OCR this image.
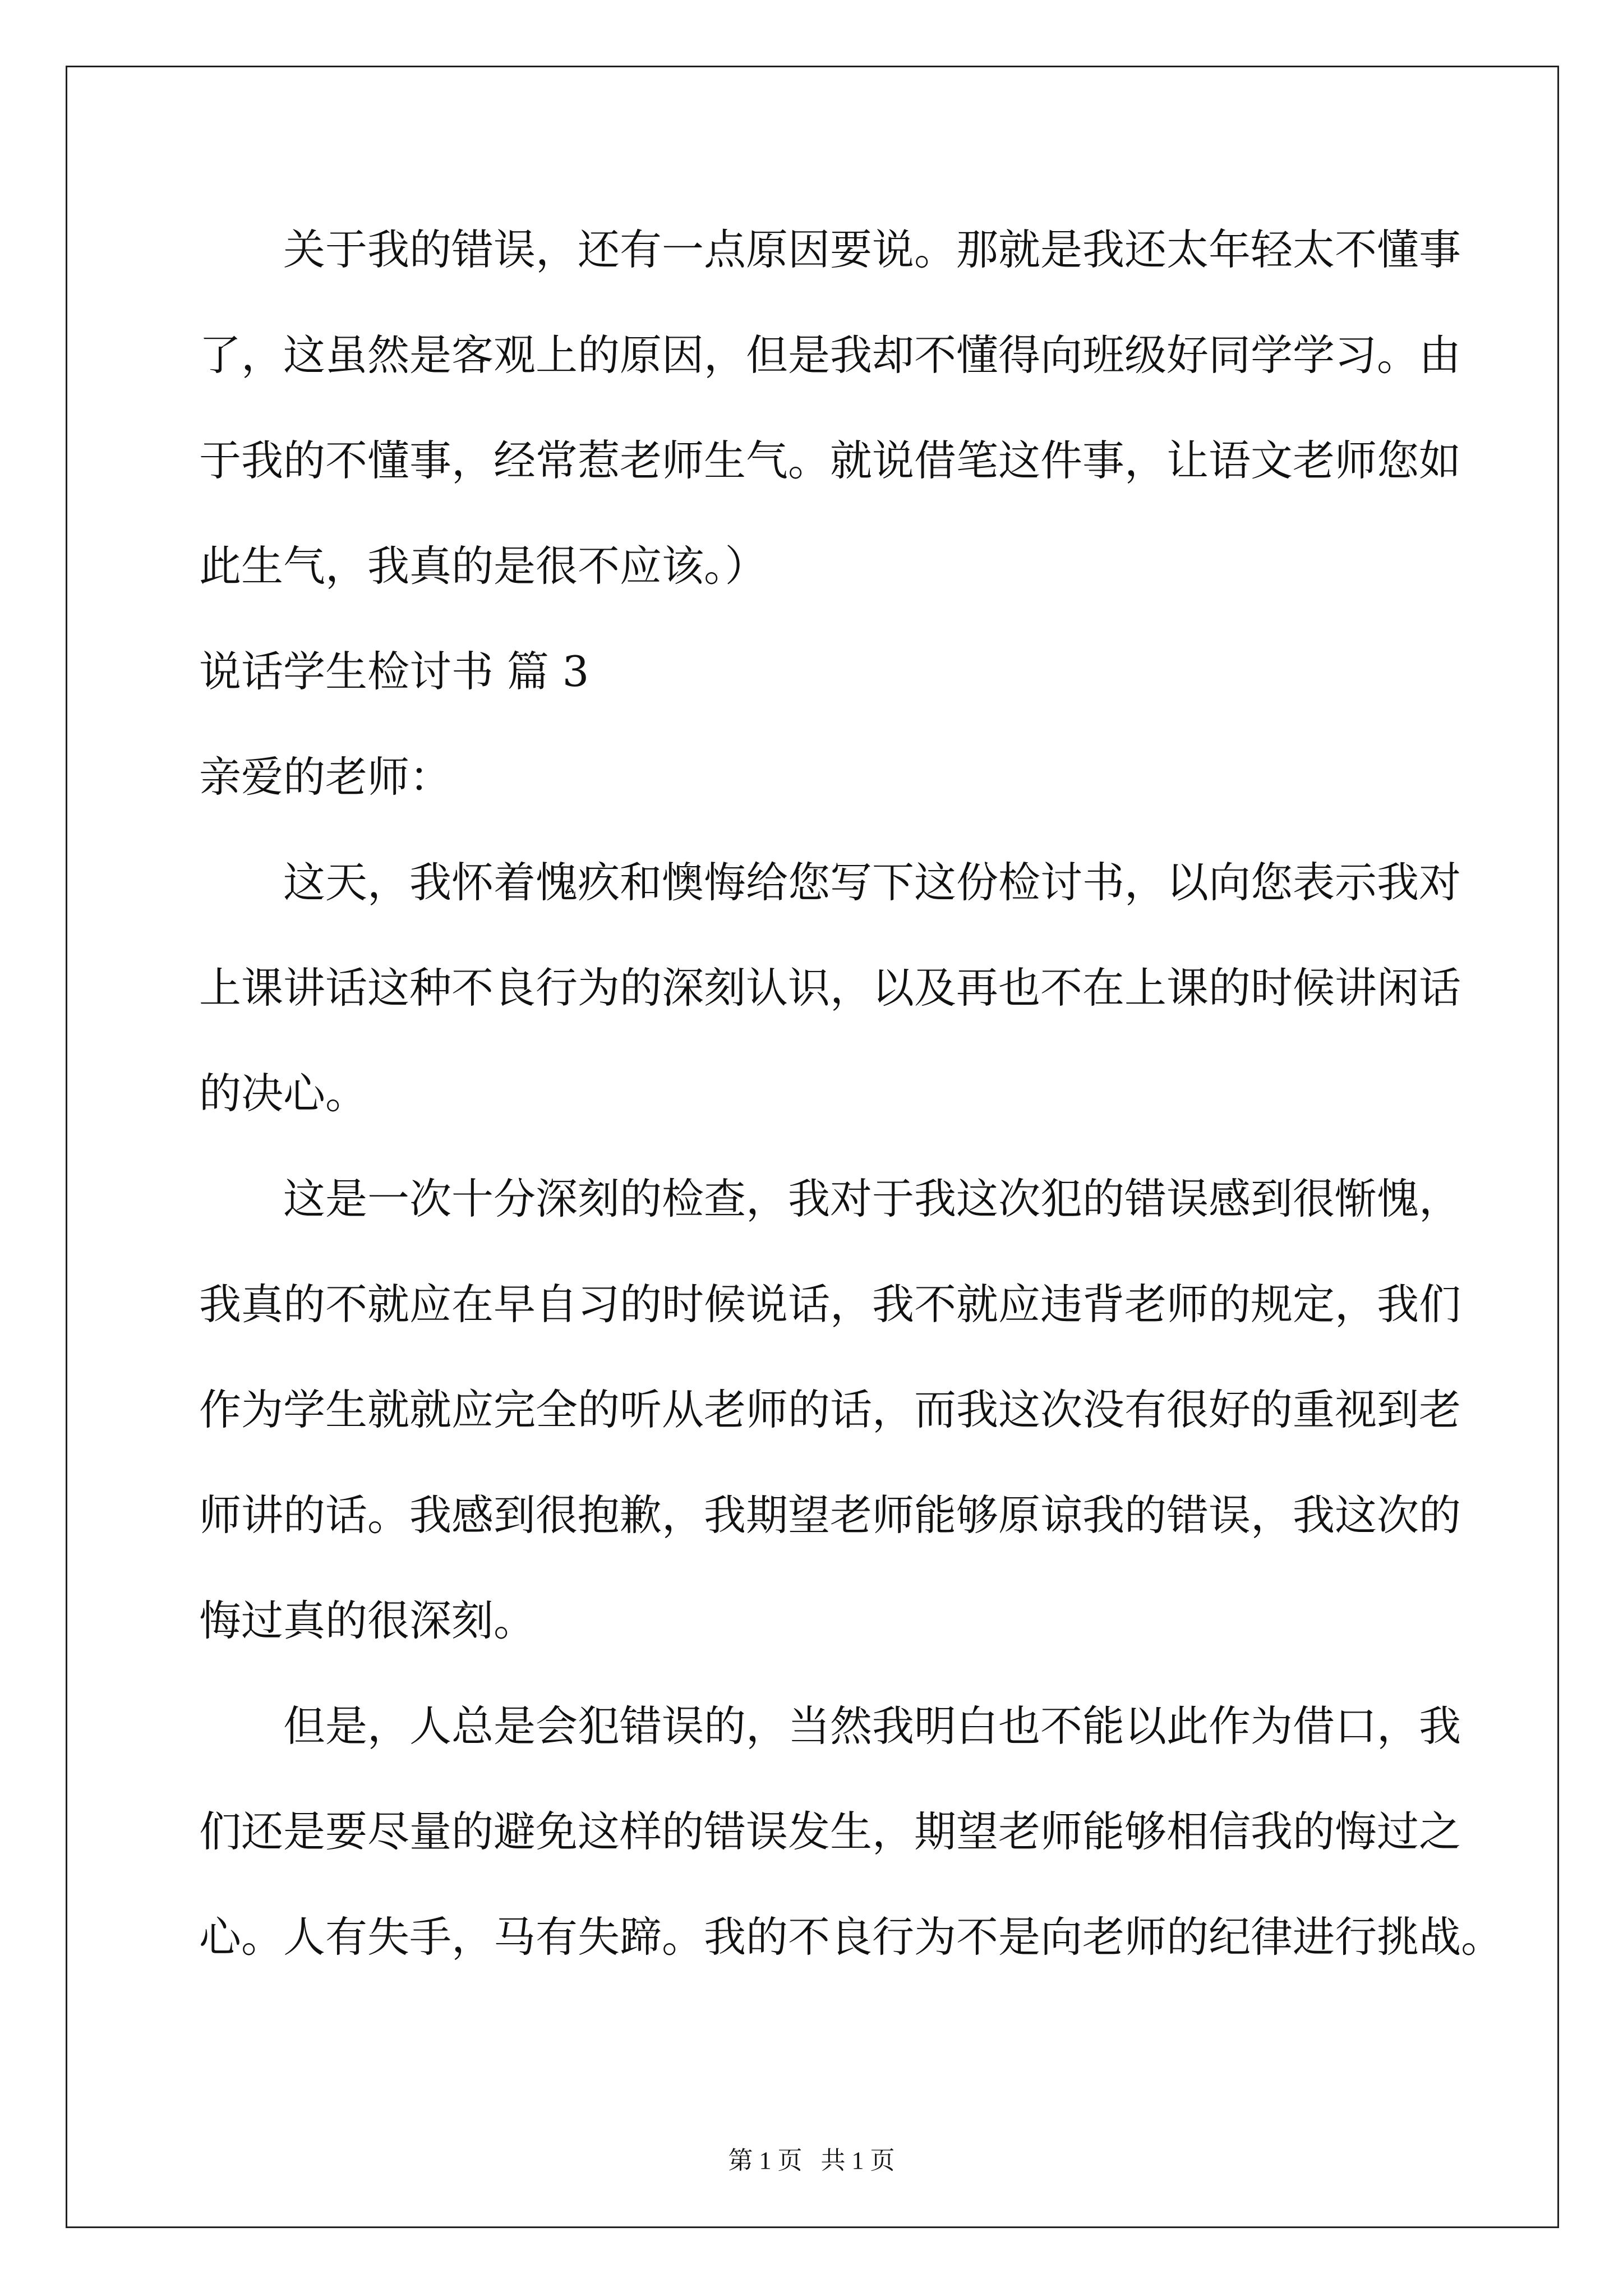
关于我的错误，还有一点原因要说。那就是我还太年轻太不懂事
了，这虽然是客观上的原因，但是我却不懂得向班级好同学学习。由
于我的不懂事，经常惹老师生气。就说借笔这件事，让语文老师您如
此生气，我真的是很不应该。）
说话学生检讨书 篇 3
亲爱的老师：
这天，我怀着愧疚和懊悔给您写下这份检讨书，以向您表示我对
上课讲话这种不良行为的深刻认识，以及再也不在上课的时候讲闲话
的决心。
这是一次十分深刻的检查，我对于我这次犯的错误感到很惭愧，
我真的不就应在早自习的时候说话，我不就应违背老师的规定，我们
作为学生就就应完全的听从老师的话，而我这次没有很好的重视到老
师讲的话。我感到很抱歉，我期望老师能够原谅我的错误，我这次的
悔过真的很深刻。
但是，人总是会犯错误的，当然我明白也不能以此作为借口，我
们还是要尽量的避免这样的错误发生，期望老师能够相信我的悔过之
心。人有失手，马有失蹄。我的不良行为不是向老师的纪律进行挑战。
第 1 页   共 1 页
